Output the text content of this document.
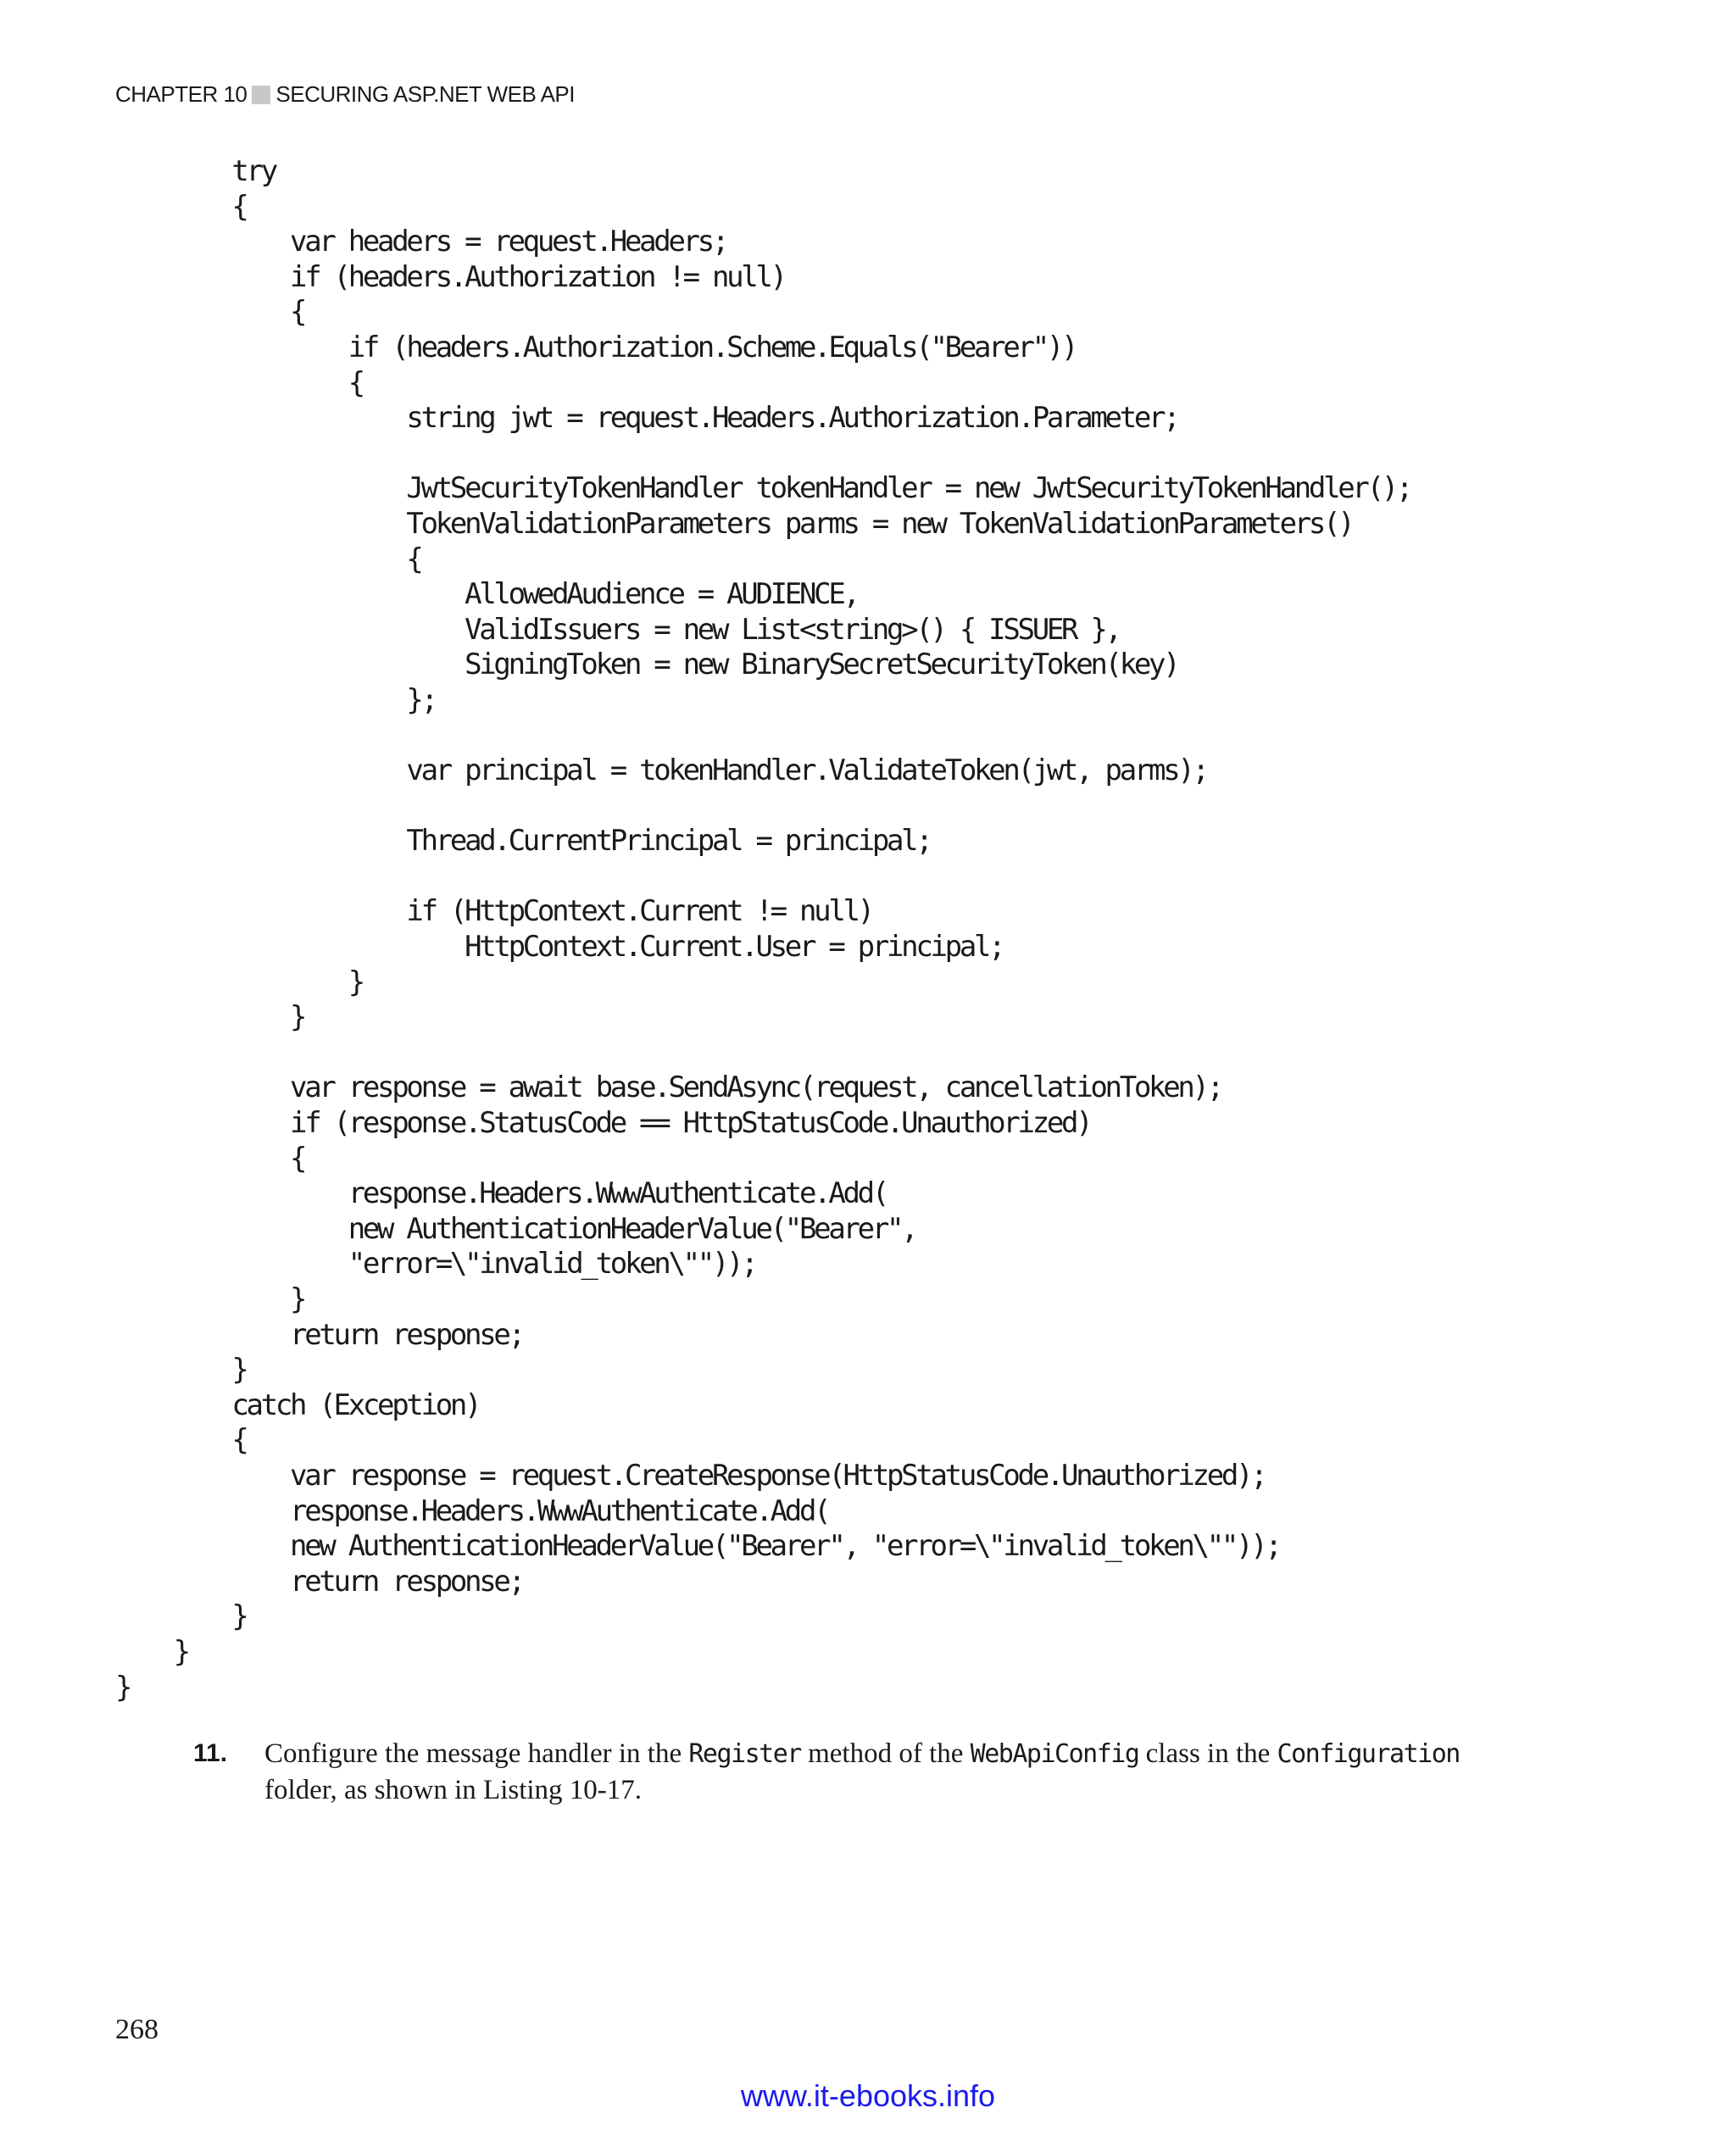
CHAPTER 10 SECURING ASP.NET WEB API
try
{
var headers = request.Headers;
if (headers.Authorization != null)
{
if (headers.Authorization.Scheme.Equals("Bearer"))
{
string jwt = request.Headers.Authorization.Parameter;

JwtSecurityTokenHandler tokenHandler = new JwtSecurityTokenHandler();
TokenValidationParameters parms = new TokenValidationParameters()
{
AllowedAudience = AUDIENCE,
ValidIssuers = new List<string>() { ISSUER },
SigningToken = new BinarySecretSecurityToken(key)
};

var principal = tokenHandler.ValidateToken(jwt, parms);

Thread.CurrentPrincipal = principal;

if (HttpContext.Current != null)
HttpContext.Current.User = principal;
}
}

var response = await base.SendAsync(request, cancellationToken);
if (response.StatusCode == HttpStatusCode.Unauthorized)
{
response.Headers.WwwAuthenticate.Add(
new AuthenticationHeaderValue("Bearer",
"error=\"invalid_token\""));
}
return response;
}
catch (Exception)
{
var response = request.CreateResponse(HttpStatusCode.Unauthorized);
response.Headers.WwwAuthenticate.Add(
new AuthenticationHeaderValue("Bearer", "error=\"invalid_token\""));
return response;
}
}
}
11. Configure the message handler in the Register method of the WebApiConfig class in the Configuration folder, as shown in Listing 10-17.
268
www.it-ebooks.info
